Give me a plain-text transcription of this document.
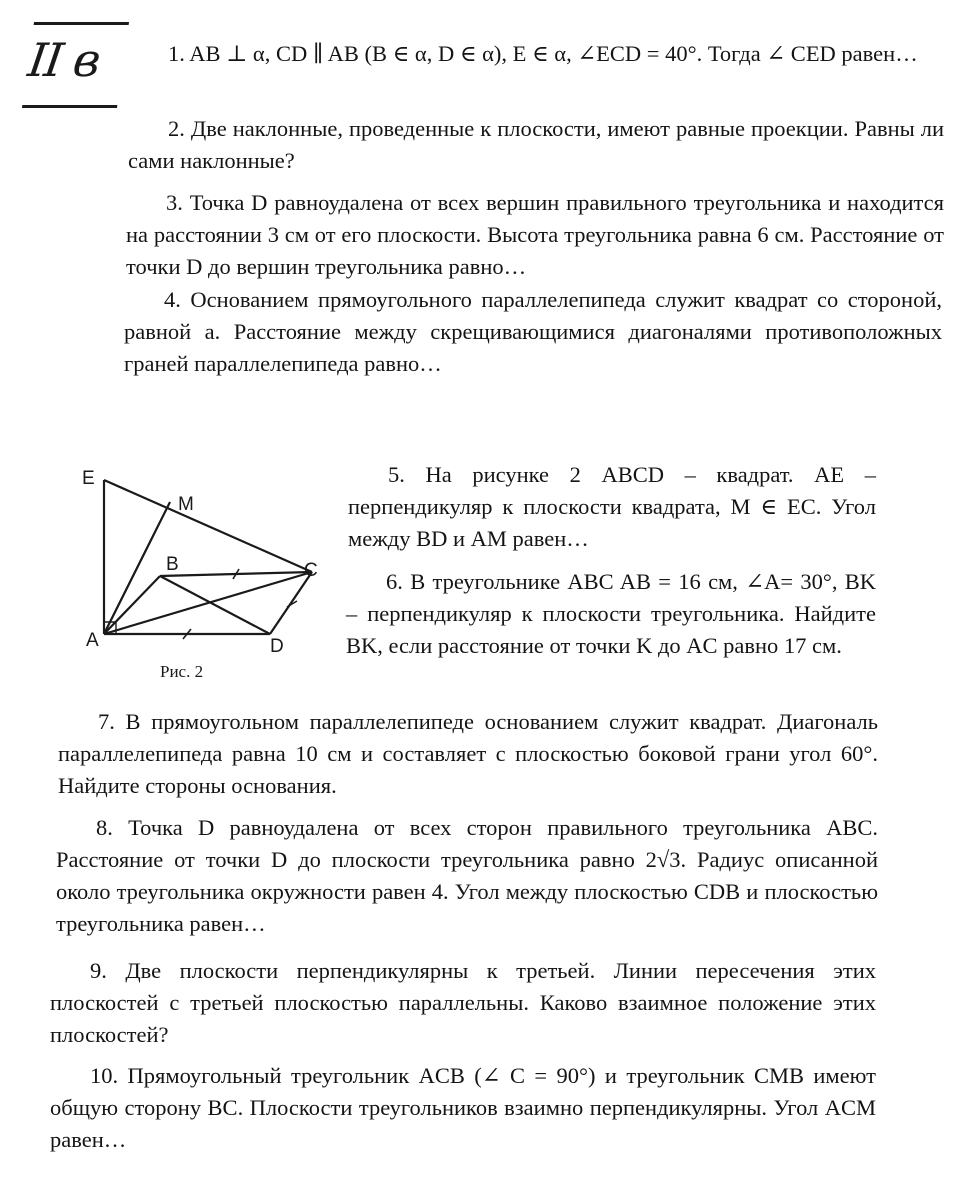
II в	1. AB ⊥ α, CD ∥ AB (B ∈ α, D ∈ α), E ∈ α, ∠ECD = 40°. Тогда ∠ CED равен…

2. Две наклонные, проведенные к плоскости, имеют равные проекции. Равны ли сами наклонные?

3. Точка D равноудалена от всех вершин правильного треугольника и находится на расстоянии 3 см от его плоскости. Высота треугольника равна 6 см. Расстояние от точки D до вершин треугольника равно…

4. Основанием прямоугольного параллелепипеда служит квадрат со стороной, равной a. Расстояние между скрещивающимися диагоналями противоположных граней параллелепипеда равно…

E
M
B	C
A	D
Рис. 2

5. На рисунке 2 ABCD – квадрат. AE – перпендикуляр к плоскости квадрата, M ∈ EC. Угол между BD и AM равен…

6. В треугольнике ABC AB = 16 см, ∠A= 30°, BK – перпендикуляр к плоскости треугольника. Найдите BK, если расстояние от точки K до AC равно 17 см.

7. В прямоугольном параллелепипеде основанием служит квадрат. Диагональ параллелепипеда равна 10 см и составляет с плоскостью боковой грани угол 60°. Найдите стороны основания.

8. Точка D равноудалена от всех сторон правильного треугольника ABC. Расстояние от точки D до плоскости треугольника равно 2√3. Радиус описанной около треугольника окружности равен 4. Угол между плоскостью CDB и плоскостью треугольника равен…

9. Две плоскости перпендикулярны к третьей. Линии пересечения этих плоскостей с третьей плоскостью параллельны. Каково взаимное положение этих плоскостей?

10. Прямоугольный треугольник ACB (∠ C = 90°) и треугольник CMB имеют общую сторону BC. Плоскости треугольников взаимно перпендикулярны. Угол ACM равен…
